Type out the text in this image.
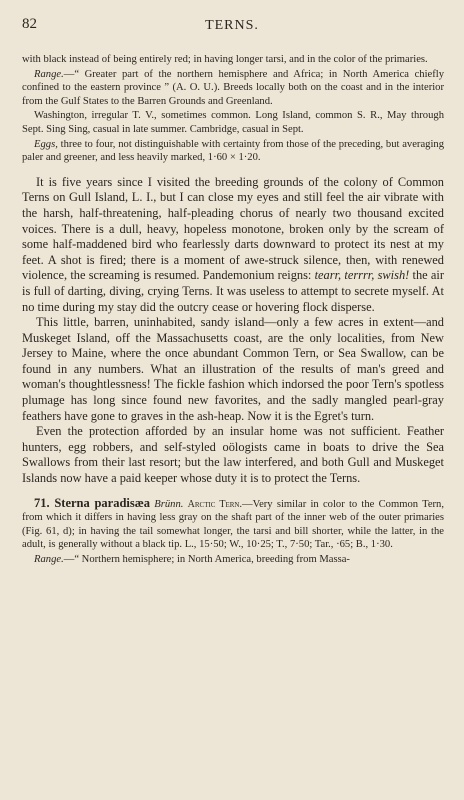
82	TERNS.

with black instead of being entirely red; in having longer tarsi, and in the color of the primaries.

Range.—“ Greater part of the northern hemisphere and Africa; in North America chiefly confined to the eastern province ” (A. O. U.). Breeds locally both on the coast and in the interior from the Gulf States to the Barren Grounds and Greenland.

Washington, irregular T. V., sometimes common. Long Island, common S. R., May through Sept. Sing Sing, casual in late summer. Cambridge, casual in Sept.

Eggs, three to four, not distinguishable with certainty from those of the preceding, but averaging paler and greener, and less heavily marked, 1·60 × 1·20.

It is five years since I visited the breeding grounds of the colony of Common Terns on Gull Island, L. I., but I can close my eyes and still feel the air vibrate with the harsh, half-threatening, half-pleading chorus of nearly two thousand excited voices. There is a dull, heavy, hopeless monotone, broken only by the scream of some half-maddened bird who fearlessly darts downward to protect its nest at my feet. A shot is fired; there is a moment of awe-struck silence, then, with renewed violence, the screaming is resumed. Pandemonium reigns: tearr, terrrr, swish! the air is full of darting, diving, crying Terns. It was useless to attempt to secrete myself. At no time during my stay did the outcry cease or hovering flock disperse.

This little, barren, uninhabited, sandy island—only a few acres in extent—and Muskeget Island, off the Massachusetts coast, are the only localities, from New Jersey to Maine, where the once abundant Common Tern, or Sea Swallow, can be found in any numbers. What an illustration of the results of man's greed and woman's thoughtlessness! The fickle fashion which indorsed the poor Tern's spotless plumage has long since found new favorites, and the sadly mangled pearl-gray feathers have gone to graves in the ash-heap. Now it is the Egret's turn.

Even the protection afforded by an insular home was not sufficient. Feather hunters, egg robbers, and self-styled oölogists came in boats to drive the Sea Swallows from their last resort; but the law interfered, and both Gull and Muskeget Islands now have a paid keeper whose duty it is to protect the Terns.

71. Sterna paradisæa Brünn. Arctic Tern.—Very similar in color to the Common Tern, from which it differs in having less gray on the shaft part of the inner web of the outer primaries (Fig. 61, d); in having the tail somewhat longer, the tarsi and bill shorter, while the latter, in the adult, is generally without a black tip. L., 15·50; W., 10·25; T., 7·50; Tar., ·65; B., 1·30.

Range.—“ Northern hemisphere; in North America, breeding from Massa-
